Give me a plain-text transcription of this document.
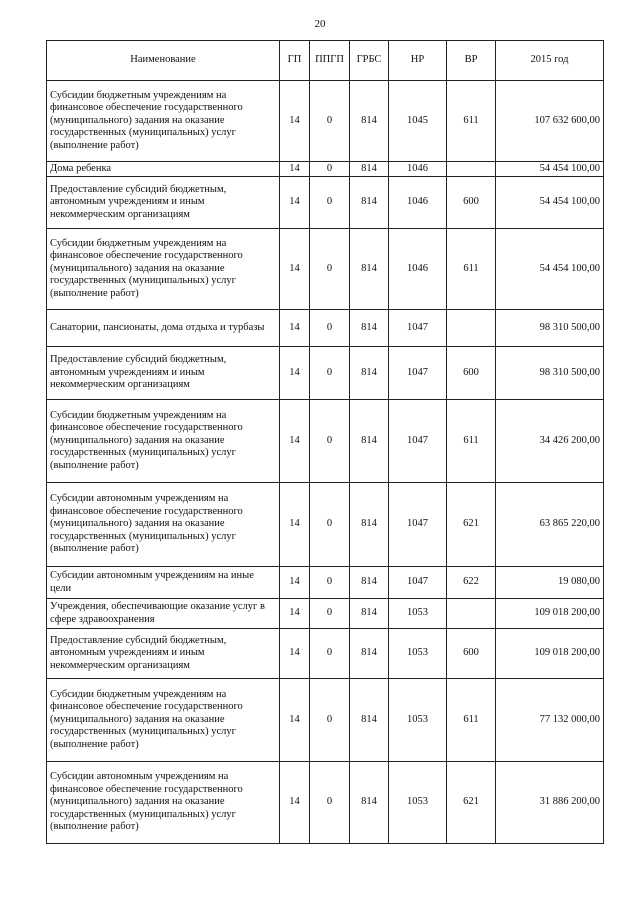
20
Наименование	ГП	ППГП	ГРБС	НР	ВР	2015 год
Субсидии бюджетным учреждениям на финансовое обеспечение государственного (муниципального) задания на оказание государственных (муниципальных) услуг (выполнение работ)	14	0	814	1045	611	107 632 600,00
Дома ребенка	14	0	814	1046		54 454 100,00
Предоставление субсидий бюджетным, автономным учреждениям и иным некоммерческим организациям	14	0	814	1046	600	54 454 100,00
Субсидии бюджетным учреждениям на финансовое обеспечение государственного (муниципального) задания на оказание государственных (муниципальных) услуг (выполнение работ)	14	0	814	1046	611	54 454 100,00
Санатории, пансионаты, дома отдыха и турбазы	14	0	814	1047		98 310 500,00
Предоставление субсидий бюджетным, автономным учреждениям и иным некоммерческим организациям	14	0	814	1047	600	98 310 500,00
Субсидии бюджетным учреждениям на финансовое обеспечение государственного (муниципального) задания на оказание государственных (муниципальных) услуг (выполнение работ)	14	0	814	1047	611	34 426 200,00
Субсидии автономным учреждениям на финансовое обеспечение государственного (муниципального) задания на оказание государственных (муниципальных) услуг (выполнение работ)	14	0	814	1047	621	63 865 220,00
Субсидии автономным учреждениям на иные цели	14	0	814	1047	622	19 080,00
Учреждения, обеспечивающие оказание услуг в сфере здравоохранения	14	0	814	1053		109 018 200,00
Предоставление субсидий бюджетным, автономным учреждениям и иным некоммерческим организациям	14	0	814	1053	600	109 018 200,00
Субсидии бюджетным учреждениям на финансовое обеспечение государственного (муниципального) задания на оказание государственных (муниципальных) услуг (выполнение работ)	14	0	814	1053	611	77 132 000,00
Субсидии автономным учреждениям на финансовое обеспечение государственного (муниципального) задания на оказание государственных (муниципальных) услуг (выполнение работ)	14	0	814	1053	621	31 886 200,00
